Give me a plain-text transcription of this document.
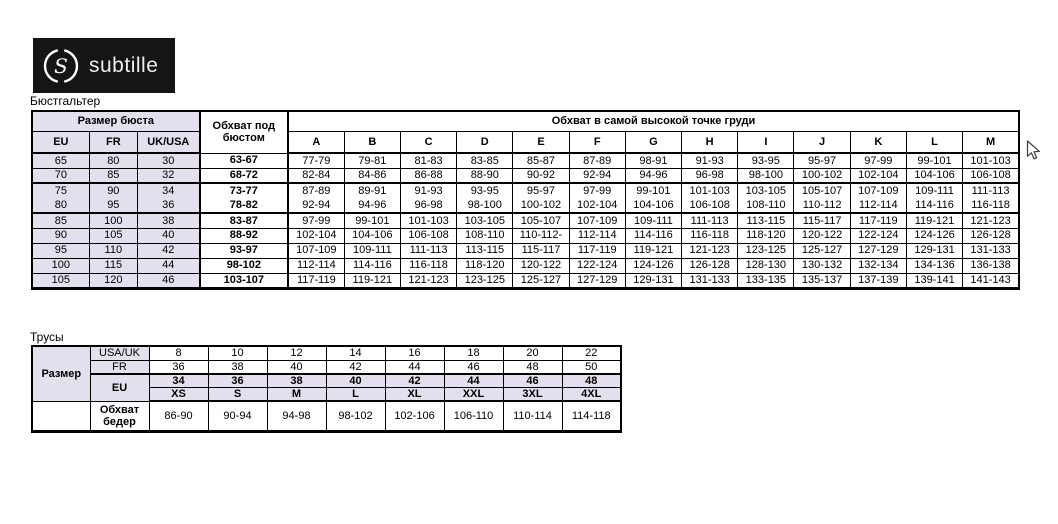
S subtille
Бюстгальтер
Размер бюста			Обхват под бюстом	Обхват в самой высокой точке груди												
EU	FR	UK/USA		A	B	C	D	E	F	G	H	I	J	K	L	M
65	80	30	63-67	77-79	79-81	81-83	83-85	85-87	87-89	98-91	91-93	93-95	95-97	97-99	99-101	101-103
70	85	32	68-72	82-84	84-86	86-88	88-90	90-92	92-94	94-96	96-98	98-100	100-102	102-104	104-106	106-108
75	90	34	73-77	87-89	89-91	91-93	93-95	95-97	97-99	99-101	101-103	103-105	105-107	107-109	109-111	111-113
80	95	36	78-82	92-94	94-96	96-98	98-100	100-102	102-104	104-106	106-108	108-110	110-112	112-114	114-116	116-118
85	100	38	83-87	97-99	99-101	101-103	103-105	105-107	107-109	109-111	111-113	113-115	115-117	117-119	119-121	121-123
90	105	40	88-92	102-104	104-106	106-108	108-110	110-112-	112-114	114-116	116-118	118-120	120-122	122-124	124-126	126-128
95	110	42	93-97	107-109	109-111	111-113	113-115	115-117	117-119	119-121	121-123	123-125	125-127	127-129	129-131	131-133
100	115	44	98-102	112-114	114-116	116-118	118-120	120-122	122-124	124-126	126-128	128-130	130-132	132-134	134-136	136-138
105	120	46	103-107	117-119	119-121	121-123	123-125	125-127	127-129	129-131	131-133	133-135	135-137	137-139	139-141	141-143
Трусы
Размер	USA/UK	8	10	12	14	16	18	20	22
	FR	36	38	40	42	44	46	48	50
	EU	34	36	38	40	42	44	46	48
		XS	S	M	L	XL	XXL	3XL	4XL
	Обхват бедер	86-90	90-94	94-98	98-102	102-106	106-110	110-114	114-118
